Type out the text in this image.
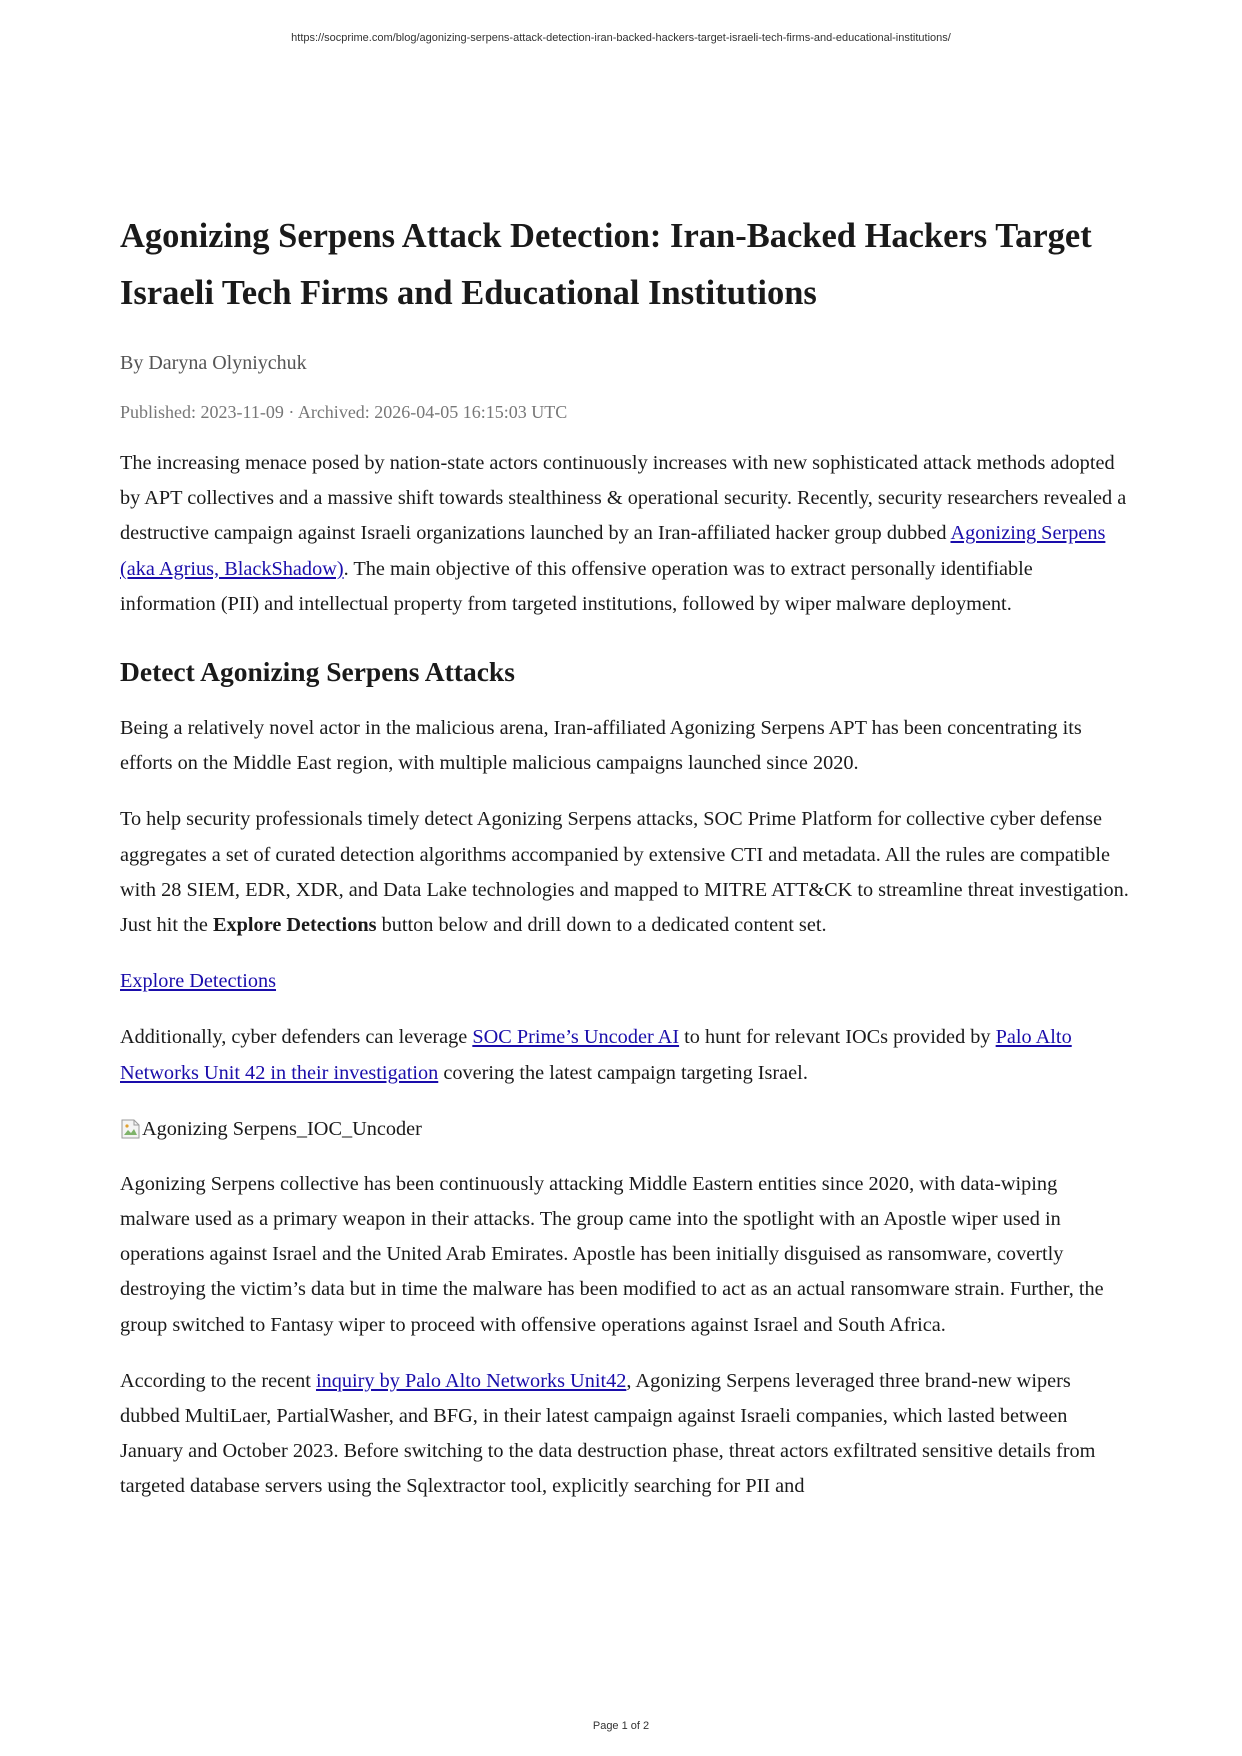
https://socprime.com/blog/agonizing-serpens-attack-detection-iran-backed-hackers-target-israeli-tech-firms-and-educational-institutions/
Agonizing Serpens Attack Detection: Iran-Backed Hackers Target Israeli Tech Firms and Educational Institutions
By Daryna Olyniychuk
Published: 2023-11-09 · Archived: 2026-04-05 16:15:03 UTC

The increasing menace posed by nation-state actors continuously increases with new sophisticated attack methods adopted by APT collectives and a massive shift towards stealthiness & operational security. Recently, security researchers revealed a destructive campaign against Israeli organizations launched by an Iran-affiliated hacker group dubbed Agonizing Serpens (aka Agrius, BlackShadow). The main objective of this offensive operation was to extract personally identifiable information (PII) and intellectual property from targeted institutions, followed by wiper malware deployment.

Detect Agonizing Serpens Attacks

Being a relatively novel actor in the malicious arena, Iran-affiliated Agonizing Serpens APT has been concentrating its efforts on the Middle East region, with multiple malicious campaigns launched since 2020.

To help security professionals timely detect Agonizing Serpens attacks, SOC Prime Platform for collective cyber defense aggregates a set of curated detection algorithms accompanied by extensive CTI and metadata. All the rules are compatible with 28 SIEM, EDR, XDR, and Data Lake technologies and mapped to MITRE ATT&CK to streamline threat investigation. Just hit the Explore Detections button below and drill down to a dedicated content set.

Explore Detections

Additionally, cyber defenders can leverage SOC Prime’s Uncoder AI to hunt for relevant IOCs provided by Palo Alto Networks Unit 42 in their investigation covering the latest campaign targeting Israel.

Agonizing Serpens_IOC_Uncoder

Agonizing Serpens collective has been continuously attacking Middle Eastern entities since 2020, with data-wiping malware used as a primary weapon in their attacks. The group came into the spotlight with an Apostle wiper used in operations against Israel and the United Arab Emirates. Apostle has been initially disguised as ransomware, covertly destroying the victim’s data but in time the malware has been modified to act as an actual ransomware strain. Further, the group switched to Fantasy wiper to proceed with offensive operations against Israel and South Africa.

According to the recent inquiry by Palo Alto Networks Unit42, Agonizing Serpens leveraged three brand-new wipers dubbed MultiLaer, PartialWasher, and BFG, in their latest campaign against Israeli companies, which lasted between January and October 2023. Before switching to the data destruction phase, threat actors exfiltrated sensitive details from targeted database servers using the Sqlextractor tool, explicitly searching for PII and

Page 1 of 2
